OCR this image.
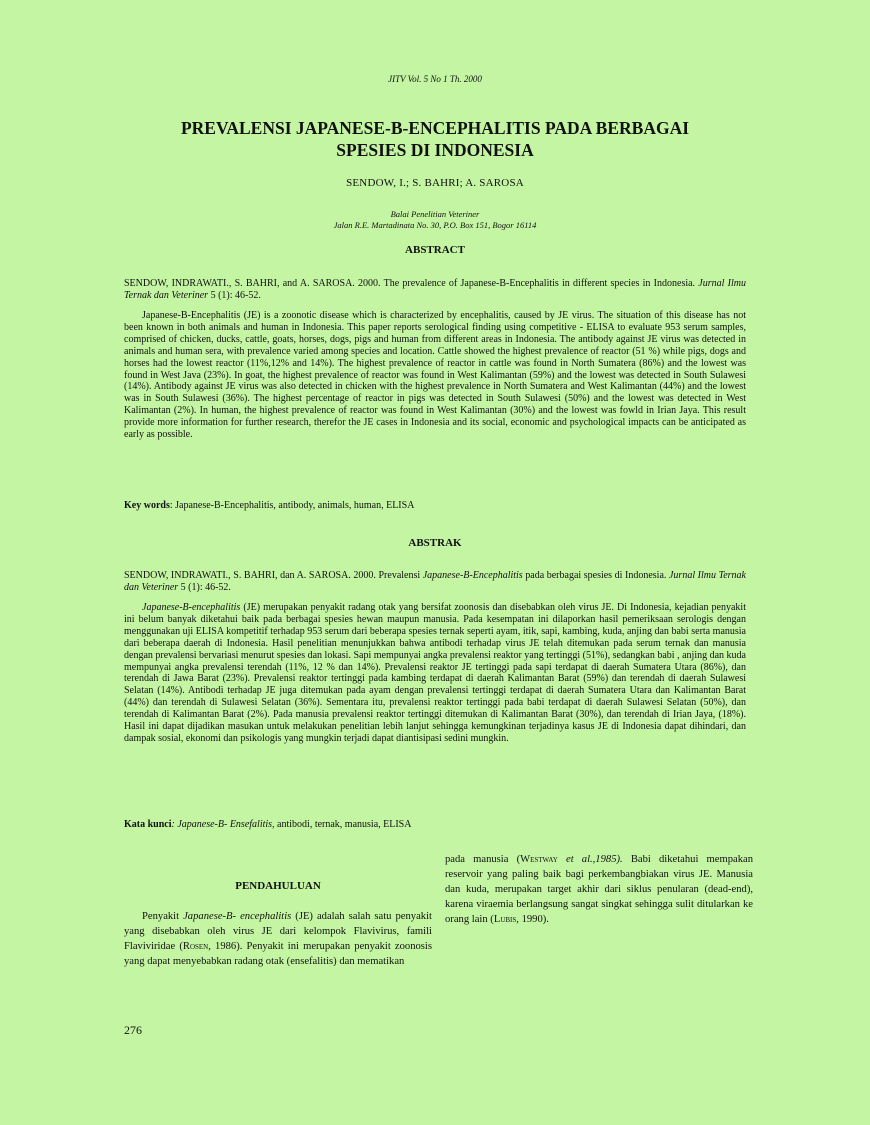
JITV Vol. 5 No 1 Th. 2000
PREVALENSI JAPANESE-B-ENCEPHALITIS PADA BERBAGAI
SPESIES DI INDONESIA
SENDOW, I.; S. BAHRI; A. SAROSA
Balai Penelitian Veteriner
Jalan R.E. Martadinata No. 30, P.O. Box 151, Bogor 16114
ABSTRACT

SENDOW, INDRAWATI., S. BAHRI, and A. SAROSA. 2000. The prevalence of Japanese-B-Encephalitis in different species in Indonesia. Jurnal Ilmu Ternak dan Veteriner 5 (1): 46-52.

Japanese-B-Encephalitis (JE) is a zoonotic disease which is characterized by encephalitis, caused by JE virus. The situation of this disease has not been known in both animals and human in Indonesia. This paper reports serological finding using competitive - ELISA to evaluate 953 serum samples, comprised of chicken, ducks, cattle, goats, horses, dogs, pigs and human from different areas in Indonesia. The antibody against JE virus was detected in animals and human sera, with prevalence varied among species and location. Cattle showed the highest prevalence of reactor (51 %) while pigs, dogs and horses had the lowest reactor (11%,12% and 14%). The highest prevalence of reactor in cattle was found in North Sumatera (86%) and the lowest was found in West Java (23%). In goat, the highest prevalence of reactor was found in West Kalimantan (59%) and the lowest was detected in South Sulawesi (14%). Antibody against JE virus was also detected in chicken with the highest prevalence in North Sumatera and West Kalimantan (44%) and the lowest was in South Sulawesi (36%). The highest percentage of reactor in pigs was detected in South Sulawesi (50%) and the lowest was detected in West Kalimantan (2%). In human, the highest prevalence of reactor was found in West Kalimantan (30%) and the lowest was fowld in Irian Jaya. This result provide more information for further research, therefor the JE cases in Indonesia and its social, economic and psychological impacts can be anticipated as early as possible.

Key words: Japanese-B-Encephalitis, antibody, animals, human, ELISA

ABSTRAK

SENDOW, INDRAWATI., S. BAHRI, dan A. SAROSA. 2000. Prevalensi Japanese-B-Encephalitis pada berbagai spesies di Indonesia. Jurnal Ilmu Ternak dan Veteriner 5 (1): 46-52.

Japanese-B-encephalitis (JE) merupakan penyakit radang otak yang bersifat zoonosis dan disebabkan oleh virus JE. Di Indonesia, kejadian penyakit ini belum banyak diketahui baik pada berbagai spesies hewan maupun manusia. Pada kesempatan ini dilaporkan hasil pemeriksaan serologis dengan menggunakan uji ELISA kompetitif terhadap 953 serum dari beberapa spesies ternak seperti ayam, itik, sapi, kambing, kuda, anjing dan babi serta manusia dari beberapa daerah di Indonesia. Hasil penelitian menunjukkan bahwa antibodi terhadap virus JE telah ditemukan pada serum ternak dan manusia dengan prevalensi bervariasi menurut spesies dan lokasi. Sapi mempunyai angka prevalensi reaktor yang tertinggi (51%), sedangkan babi , anjing dan kuda mempunyai angka prevalensi terendah (11%, 12 % dan 14%). Prevalensi reaktor JE tertinggi pada sapi terdapat di daerah Sumatera Utara (86%), dan terendah di Jawa Barat (23%). Prevalensi reaktor tertinggi pada kambing terdapat di daerah Kalimantan Barat (59%) dan terendah di daerah Sulawesi Selatan (14%). Antibodi terhadap JE juga ditemukan pada ayam dengan prevalensi tertinggi terdapat di daerah Sumatera Utara dan Kalimantan Barat (44%) dan terendah di Sulawesi Selatan (36%). Sementara itu, prevalensi reaktor tertinggi pada babi terdapat di daerah Sulawesi Selatan (50%), dan terendah di Kalimantan Barat (2%). Pada manusia prevalensi reaktor tertinggi ditemukan di Kalimantan Barat (30%), dan terendah di Irian Jaya, (18%). Hasil ini dapat dijadikan masukan untuk melakukan penelitian lebih lanjut sehingga kemungkinan terjadinya kasus JE di Indonesia dapat dihindari, dan dampak sosial, ekonomi dan psikologis yang mungkin terjadi dapat diantisipasi sedini mungkin.

Kata kunci: Japanese-B- Ensefalitis, antibodi, ternak, manusia, ELISA

PENDAHULUAN

Penyakit Japanese-B- encephalitis (JE) adalah salah satu penyakit yang disebabkan oleh virus JE dari kelompok Flavivirus, famili Flaviviridae (Rosen, 1986). Penyakit ini merupakan penyakit zoonosis yang dapat menyebabkan radang otak (ensefalitis) dan mematikan

pada manusia (Westway et al.,1985). Babi diketahui mempakan reservoir yang paling baik bagi perkembangbiakan virus JE. Manusia dan kuda, merupakan target akhir dari siklus penularan (dead-end), karena viraemia berlangsung sangat singkat sehingga sulit ditularkan ke orang lain (Lubis, 1990).

276
